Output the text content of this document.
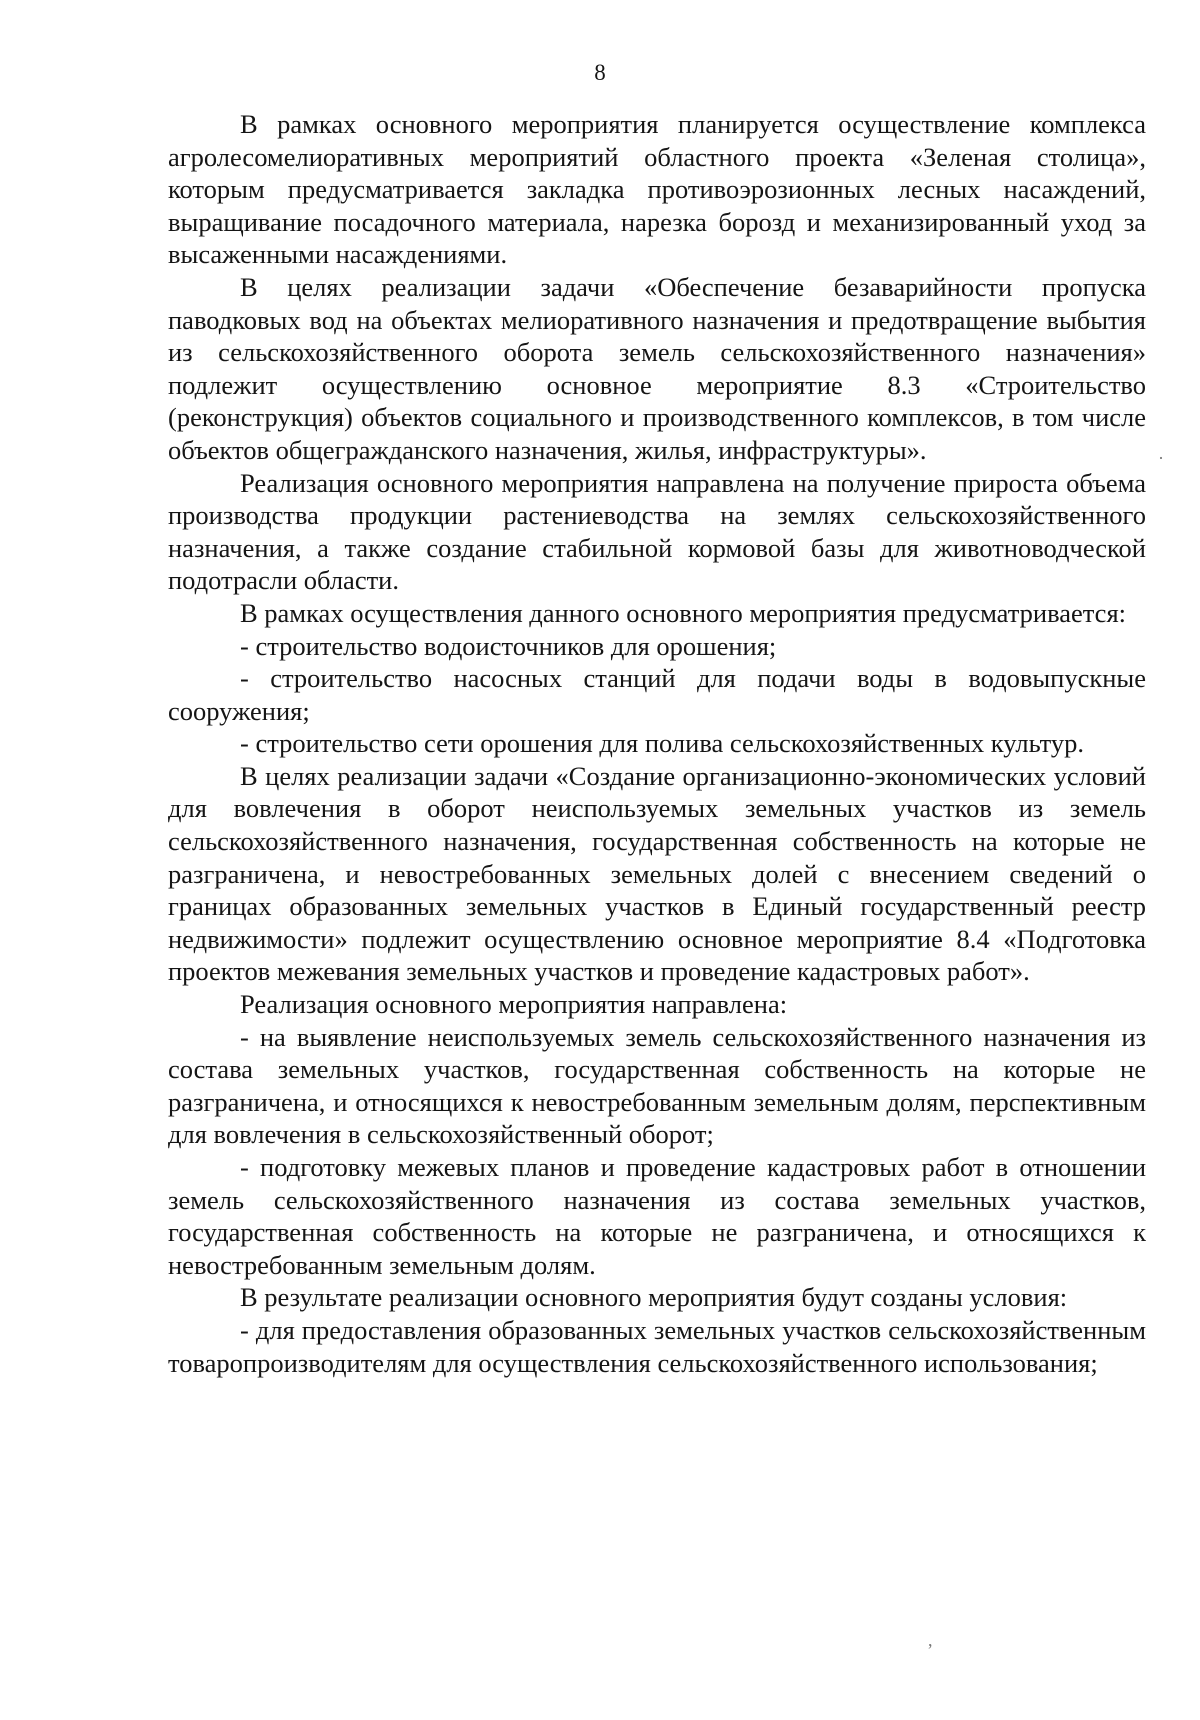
8

В рамках основного мероприятия планируется осуществление комплекса агролесомелиоративных мероприятий областного проекта «Зеленая столица», которым предусматривается закладка противоэрозионных лесных насаждений, выращивание посадочного материала, нарезка борозд и механизированный уход за высаженными насаждениями.

В целях реализации задачи «Обеспечение безаварийности пропуска паводковых вод на объектах мелиоративного назначения и предотвращение выбытия из сельскохозяйственного оборота земель сельскохозяйственного назначения» подлежит осуществлению основное мероприятие 8.3 «Строительство (реконструкция) объектов социального и производственного комплексов, в том числе объектов общегражданского назначения, жилья, инфраструктуры».

Реализация основного мероприятия направлена на получение прироста объема производства продукции растениеводства на землях сельскохозяйственного назначения, а также создание стабильной кормовой базы для животноводческой подотрасли области.

В рамках осуществления данного основного мероприятия предусматривается:

- строительство водоисточников для орошения;

- строительство насосных станций для подачи воды в водовыпускные сооружения;

- строительство сети орошения для полива сельскохозяйственных культур.

В целях реализации задачи «Создание организационно-экономических условий для вовлечения в оборот неиспользуемых земельных участков из земель сельскохозяйственного назначения, государственная собственность на которые не разграничена, и невостребованных земельных долей с внесением сведений о границах образованных земельных участков в Единый государственный реестр недвижимости» подлежит осуществлению основное мероприятие 8.4 «Подготовка проектов межевания земельных участков и проведение кадастровых работ».

Реализация основного мероприятия направлена:

- на выявление неиспользуемых земель сельскохозяйственного назначения из состава земельных участков, государственная собственность на которые не разграничена, и относящихся к невостребованным земельным долям, перспективным для вовлечения в сельскохозяйственный оборот;

- подготовку межевых планов и проведение кадастровых работ в отношении земель сельскохозяйственного назначения из состава земельных участков, государственная собственность на которые не разграничена, и относящихся к невостребованным земельным долям.

В результате реализации основного мероприятия будут созданы условия:

- для предоставления образованных земельных участков сельскохозяйственным товаропроизводителям для осуществления сельскохозяйственного использования;

·
,
